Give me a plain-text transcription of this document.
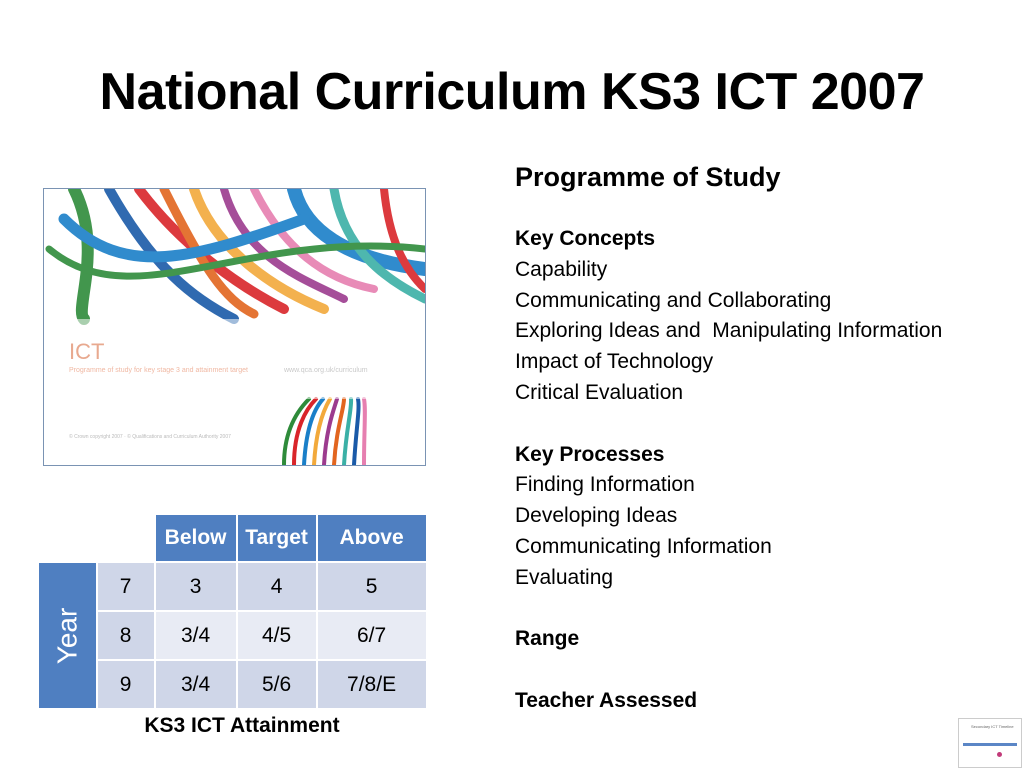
National Curriculum KS3 ICT 2007
ICT
Programme of study for key stage 3 and attainment target	www.qca.org.uk/curriculum
© Crown copyright 2007 · © Qualifications and Curriculum Authority 2007
Programme of Study
Key Concepts
Capability
Communicating and Collaborating
Exploring Ideas and  Manipulating Information
Impact of Technology
Critical Evaluation
Key Processes
Finding Information
Developing Ideas
Communicating Information
Evaluating
Range
Teacher Assessed
		Below	Target	Above

Year	7	3	4	5
	8	3/4	4/5	6/7
	9	3/4	5/6	7/8/E
KS3 ICT Attainment	Secondary ICT Timeline
